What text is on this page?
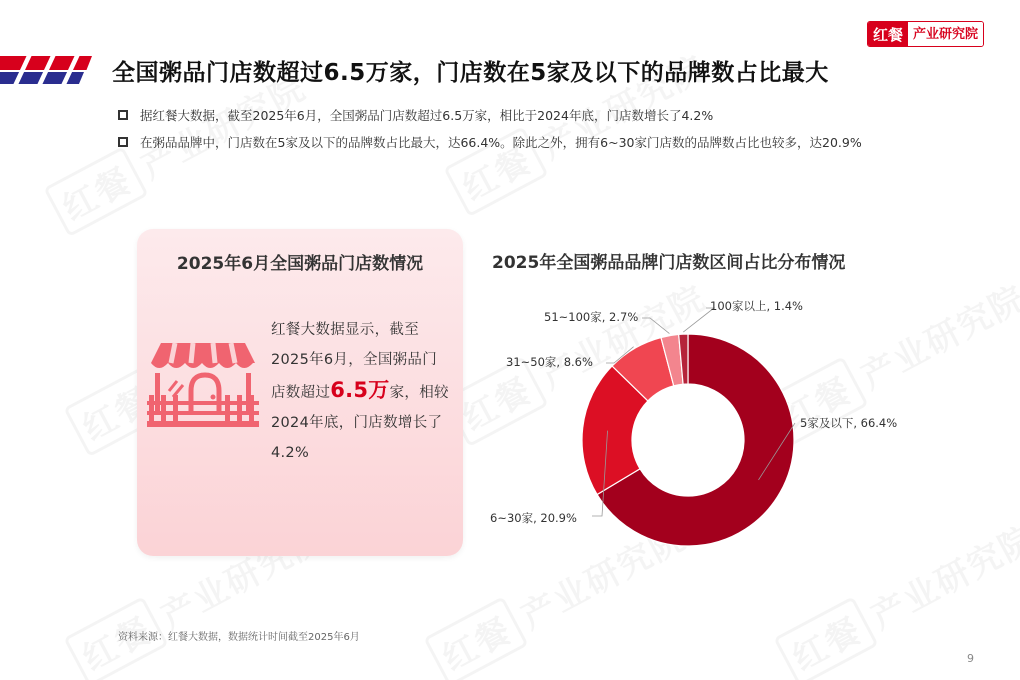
全国粥品门店数超过6.5万家，门店数在5家及以下的品牌数占比最大
红餐 产业研究院
据红餐大数据，截至2025年6月，全国粥品门店数超过6.5万家，相比于2024年底，门店数增长了4.2%
在粥品品牌中，门店数在5家及以下的品牌数占比最大，达66.4%。除此之外，拥有6~30家门店数的品牌数占比也较多，达20.9%
2025年6月全国粥品门店数情况
红餐大数据显示，截至2025年6月，全国粥品门店数超过6.5万家，相较2024年底，门店数增长了4.2%
2025年全国粥品品牌门店数区间占比分布情况
5家及以下, 66.4%
6~30家, 20.9%
31~50家, 8.6%
51~100家, 2.7%
100家以上, 1.4%
资料来源：红餐大数据，数据统计时间截至2025年6月
9
